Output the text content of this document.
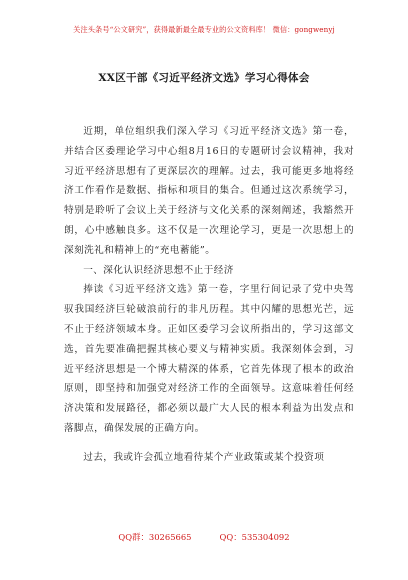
关注头条号“公文研究”，获得最新最全最专业的公文资料库！ 微信：gongwenyj
XX区干部《习近平经济文选》学习心得体会

近期，单位组织我们深入学习《习近平经济文选》第一卷，并结合区委理论学习中心组8月16日的专题研讨会议精神，我对习近平经济思想有了更深层次的理解。过去，我可能更多地将经济工作看作是数据、指标和项目的集合。但通过这次系统学习，特别是聆听了会议上关于经济与文化关系的深刻阐述，我豁然开朗，心中感触良多。这不仅是一次理论学习，更是一次思想上的深刻洗礼和精神上的“充电蓄能”。

一、深化认识经济思想不止于经济

捧读《习近平经济文选》第一卷，字里行间记录了党中央驾驭我国经济巨轮破浪前行的非凡历程。其中闪耀的思想光芒，远不止于经济领域本身。正如区委学习会议所指出的，学习这部文选，首先要准确把握其核心要义与精神实质。我深刻体会到，习近平经济思想是一个博大精深的体系，它首先体现了根本的政治原则，即坚持和加强党对经济工作的全面领导。这意味着任何经济决策和发展路径，都必须以最广大人民的根本利益为出发点和落脚点，确保发展的正确方向。

过去，我或许会孤立地看待某个产业政策或某个投资项

QQ群：30265665	QQ：535304092
